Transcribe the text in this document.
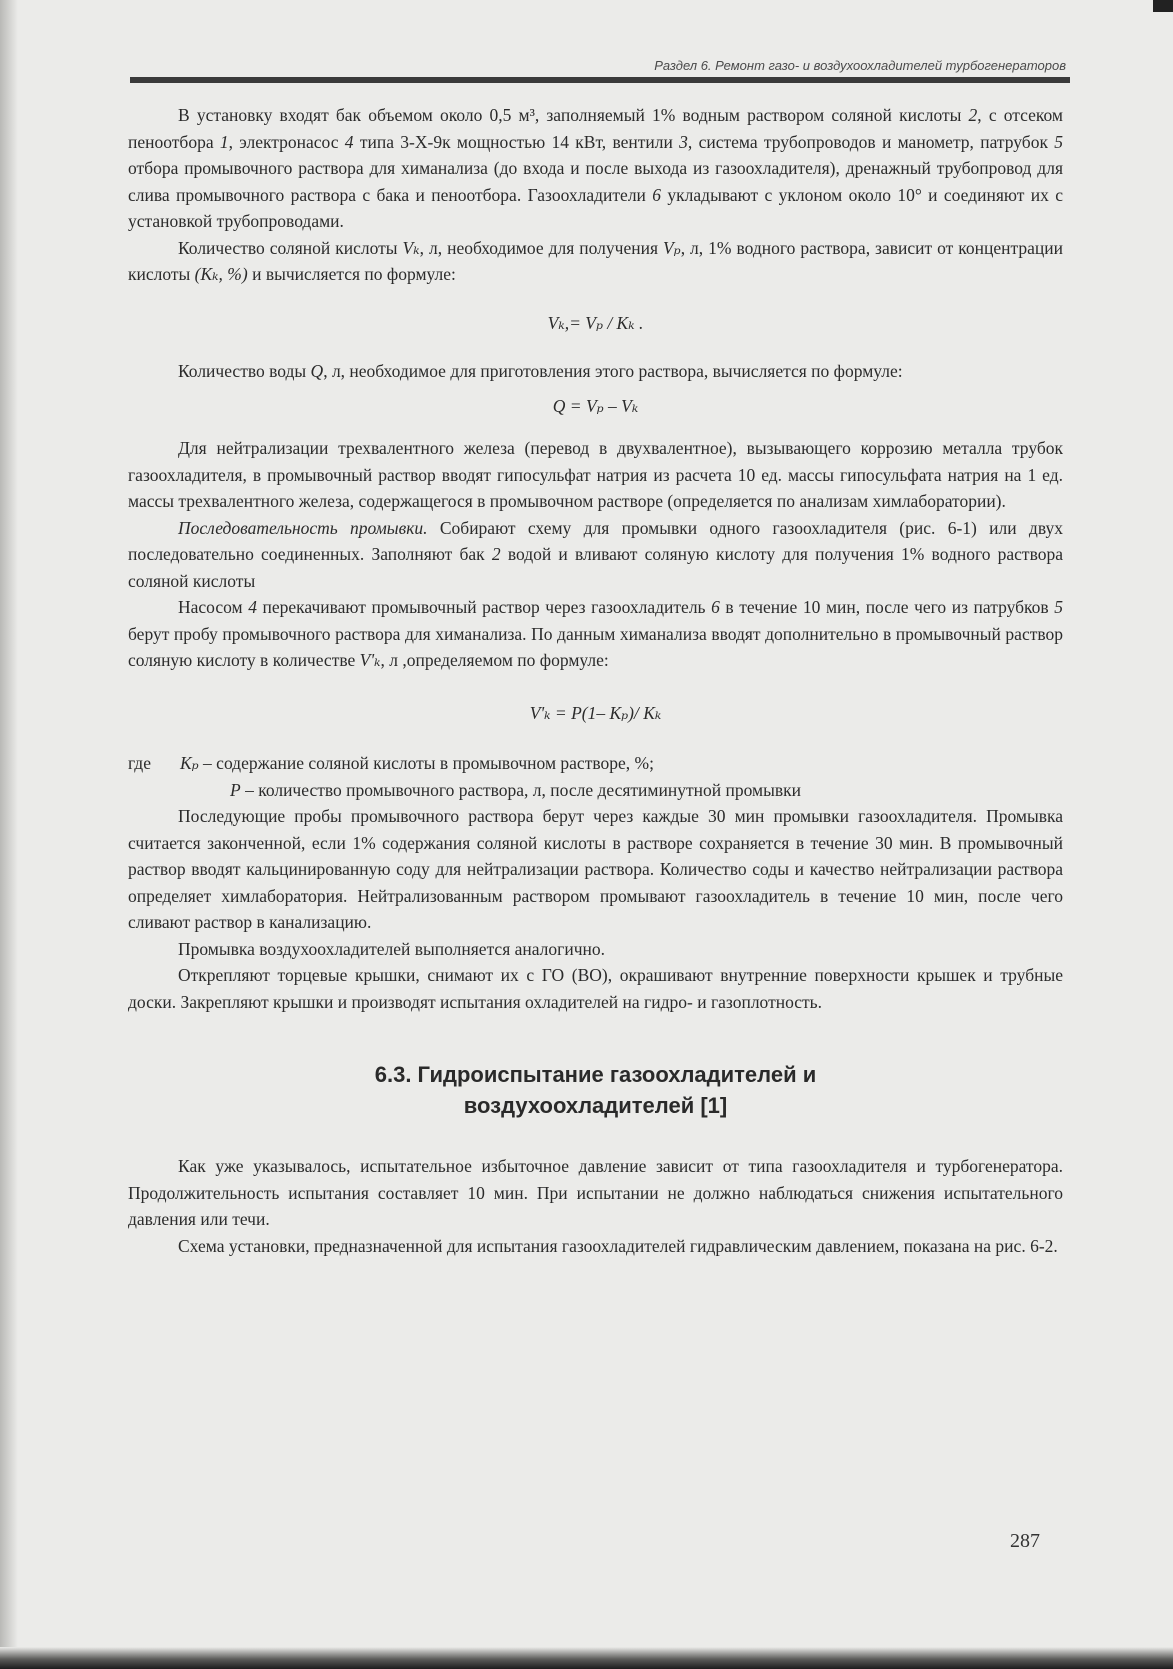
Раздел 6. Ремонт газо- и воздухоохладителей турбогенераторов

В установку входят бак объемом около 0,5 м³, заполняемый 1% водным раствором соляной кислоты 2, с отсеком пеноотбора 1, электронасос 4 типа 3-Х-9к мощностью 14 кВт, вентили 3, система трубопроводов и манометр, патрубок 5 отбора промывочного раствора для химанализа (до входа и после выхода из газоохладителя), дренажный трубопровод для слива промывочного раствора с бака и пеноотбора. Газоохладители 6 укладывают с уклоном около 10° и соединяют их с установкой трубопроводами.

Количество соляной кислоты Vₖ, л, необходимое для получения Vₚ, л, 1% водного раствора, зависит от концентрации кислоты (Kₖ, %) и вычисляется по формуле:

Vₖ,= Vₚ / Kₖ .

Количество воды Q, л, необходимое для приготовления этого раствора, вычисляется по формуле:

Q = Vₚ – Vₖ

Для нейтрализации трехвалентного железа (перевод в двухвалентное), вызывающего коррозию металла трубок газоохладителя, в промывочный раствор вводят гипосульфат натрия из расчета 10 ед. массы гипосульфата натрия на 1 ед. массы трехвалентного железа, содержащегося в промывочном растворе (определяется по анализам химлаборатории).

Последовательность промывки. Собирают схему для промывки одного газоохладителя (рис. 6-1) или двух последовательно соединенных. Заполняют бак 2 водой и вливают соляную кислоту для получения 1% водного раствора соляной кислоты

Насосом 4 перекачивают промывочный раствор через газоохладитель 6 в течение 10 мин, после чего из патрубков 5 берут пробу промывочного раствора для химанализа. По данным химанализа вводят дополнительно в промывочный раствор соляную кислоту в количестве V'ₖ, л ,определяемом по формуле:

V'ₖ = P(1– Kₚ)/ Kₖ

где	Kₚ – содержание соляной кислоты в промывочном растворе, %;

P – количество промывочного раствора, л, после десятиминутной промывки

Последующие пробы промывочного раствора берут через каждые 30 мин промывки газоохладителя. Промывка считается законченной, если 1% содержания соляной кислоты в растворе сохраняется в течение 30 мин. В промывочный раствор вводят кальцинированную соду для нейтрализации раствора. Количество соды и качество нейтрализации раствора определяет химлаборатория. Нейтрализованным раствором промывают газоохладитель в течение 10 мин, после чего сливают раствор в канализацию.

Промывка воздухоохладителей выполняется аналогично.

Открепляют торцевые крышки, снимают их с ГО (ВО), окрашивают внутренние поверхности крышек и трубные доски. Закрепляют крышки и производят испытания охладителей на гидро- и газоплотность.

6.3. Гидроиспытание газоохладителей и
воздухоохладителей [1]

Как уже указывалось, испытательное избыточное давление зависит от типа газоохладителя и турбогенератора. Продолжительность испытания составляет 10 мин. При испытании не должно наблюдаться снижения испытательного давления или течи.

Схема установки, предназначенной для испытания газоохладителей гидравлическим давлением, показана на рис. 6-2.

287
